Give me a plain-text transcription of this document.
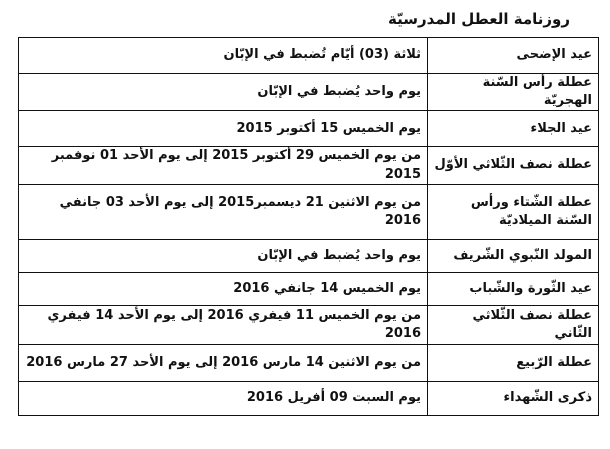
روزنامة العطل المدرسيّة
عيد الإضحى	ثلاثة (03) أيّام تُضبط في الإبّان
عطلة رأس السّنة الهجريّة	يوم واحد يُضبط في الإبّان
عيد الجلاء	يوم الخميس 15 أكتوبر 2015
عطلة نصف الثّلاثي الأوّل	من يوم الخميس 29 أكتوبر 2015 إلى يوم الأحد 01 نوفمبر 2015
عطلة الشّتاء ورأس السّنة الميلاديّة	من يوم الاثنين 21 ديسمبر2015 إلى يوم الأحد 03 جانفي 2016
المولد النّبوي الشّريف	يوم واحد يُضبط في الإبّان
عيد الثّورة والشّباب	يوم الخميس 14 جانفي 2016
عطلة نصف الثّلاثي الثّاني	من يوم الخميس 11 فيفري 2016 إلى يوم الأحد 14 فيفري 2016
عطلة الرّبيع	من يوم الاثنين 14 مارس 2016 إلى يوم الأحد 27 مارس 2016
ذكرى الشّهداء	يوم السبت 09 أفريل 2016
